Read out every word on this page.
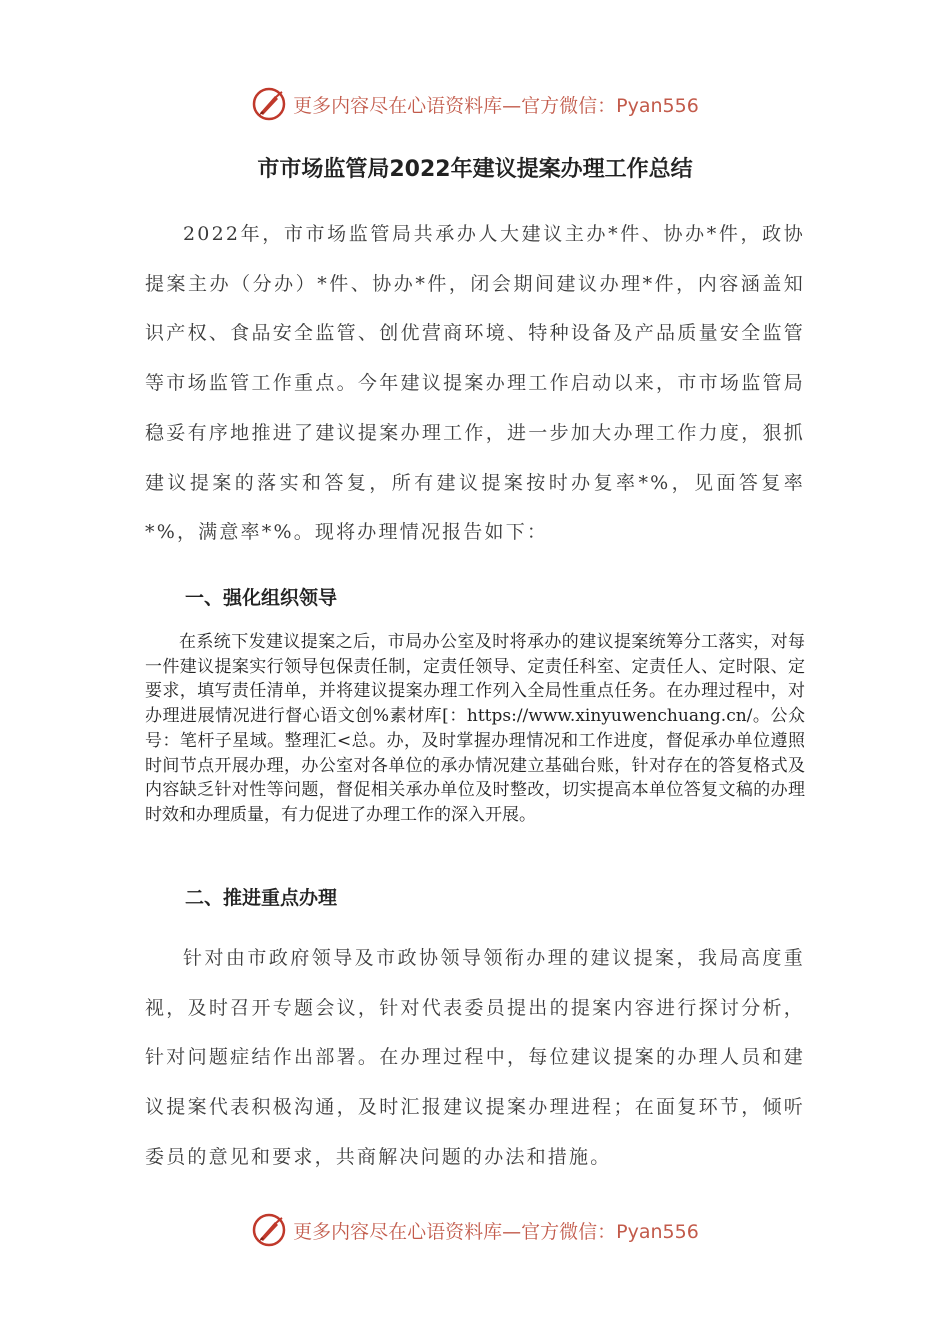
更多内容尽在心语资料库—官方微信：Pyan556
市市场监管局2022年建议提案办理工作总结

2022年，市市场监管局共承办人大建议主办*件、协办*件，政协提案主办（分办）*件、协办*件，闭会期间建议办理*件，内容涵盖知识产权、食品安全监管、创优营商环境、特种设备及产品质量安全监管等市场监管工作重点。今年建议提案办理工作启动以来，市市场监管局稳妥有序地推进了建议提案办理工作，进一步加大办理工作力度，狠抓建议提案的落实和答复，所有建议提案按时办复率*%，见面答复率*%，满意率*%。现将办理情况报告如下：

一、强化组织领导

在系统下发建议提案之后，市局办公室及时将承办的建议提案统筹分工落实，对每一件建议提案实行领导包保责任制，定责任领导、定责任科室、定责任人、定时限、定要求，填写责任清单，并将建议提案办理工作列入全局性重点任务。在办理过程中，对办理进展情况进行督心语文创%素材库[：https://www.xinyuwenchuang.cn/。公众号：笔杆子星域。整理汇<总。办，及时掌握办理情况和工作进度，督促承办单位遵照时间节点开展办理，办公室对各单位的承办情况建立基础台账，针对存在的答复格式及内容缺乏针对性等问题，督促相关承办单位及时整改，切实提高本单位答复文稿的办理时效和办理质量，有力促进了办理工作的深入开展。

二、推进重点办理

针对由市政府领导及市政协领导领衔办理的建议提案，我局高度重视，及时召开专题会议，针对代表委员提出的提案内容进行探讨分析，针对问题症结作出部署。在办理过程中，每位建议提案的办理人员和建议提案代表积极沟通，及时汇报建议提案办理进程；在面复环节，倾听委员的意见和要求，共商解决问题的办法和措施。

更多内容尽在心语资料库—官方微信：Pyan556
